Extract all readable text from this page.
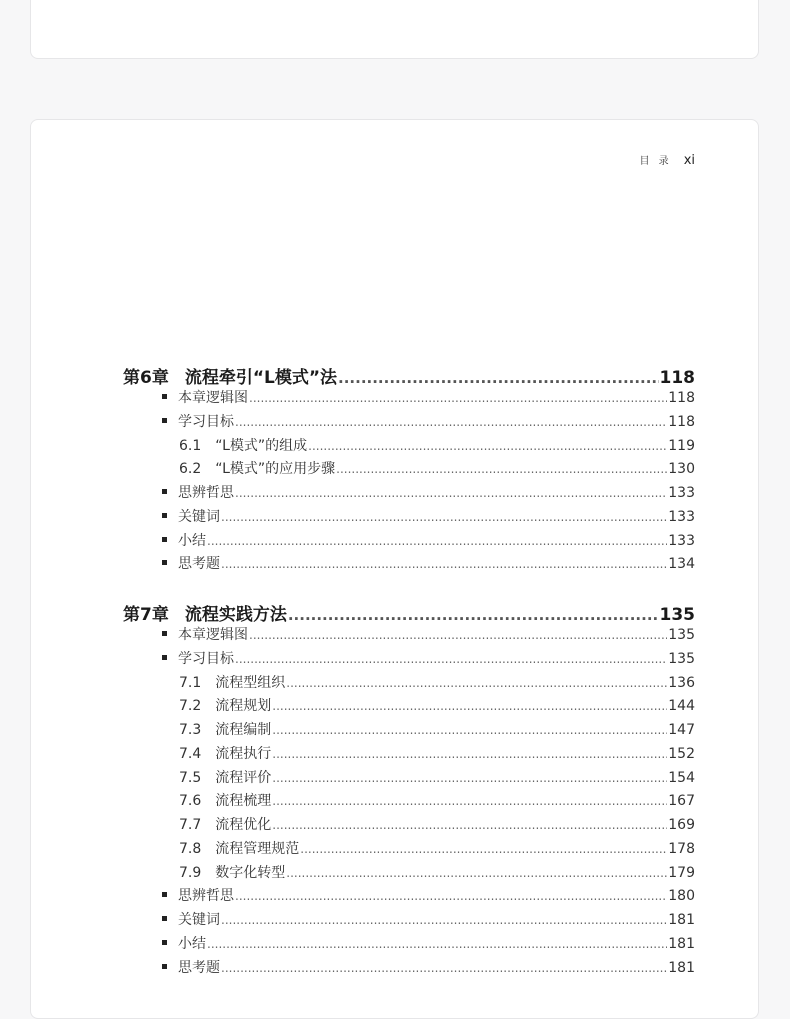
目 录 xi
第6章 流程牵引“L模式”法 .....	118
本章逻辑图 .....	118
学习目标 .....	118
6.1 “L模式”的组成 .....	119
6.2 “L模式”的应用步骤 .....	130
思辨哲思 .....	133
关键词 .....	133
小结 .....	133
思考题 .....	134
第7章 流程实践方法 .....	135
本章逻辑图 .....	135
学习目标 .....	135
7.1 流程型组织 .....	136
7.2 流程规划 .....	144
7.3 流程编制 .....	147
7.4 流程执行 .....	152
7.5 流程评价 .....	154
7.6 流程梳理 .....	167
7.7 流程优化 .....	169
7.8 流程管理规范 .....	178
7.9 数字化转型 .....	179
思辨哲思 .....	180
关键词 .....	181
小结 .....	181
思考题 .....	181
